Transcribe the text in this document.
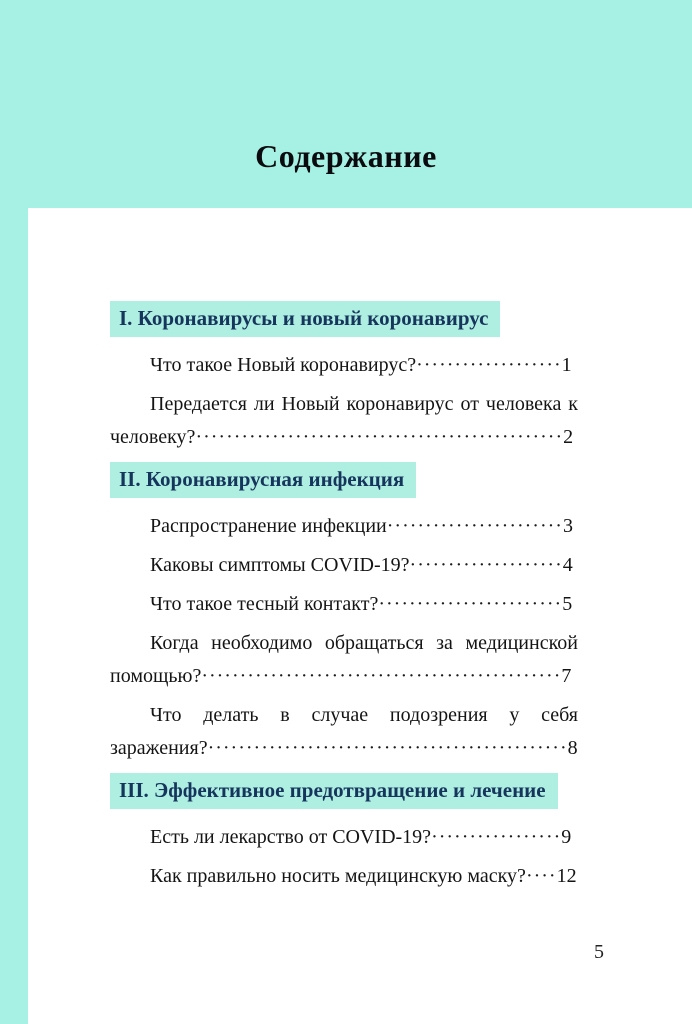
Содержание
I. Коронавирусы и новый коронавирус

Что такое Новый коронавирус?···················1

Передается ли Новый коронавирус от человека к человеку?················································2

II. Коронавирусная инфекция

Распространение инфекции·······················3

Каковы симптомы COVID-19?····················4

Что такое тесный контакт?························5

Когда необходимо обращаться за медицинской помощью?···············································7

Что делать в случае подозрения у себя заражения?···············································8

III. Эффективное предотвращение и лечение

Есть ли лекарство от COVID-19?·················9

Как правильно носить медицинскую маску?····12

5
